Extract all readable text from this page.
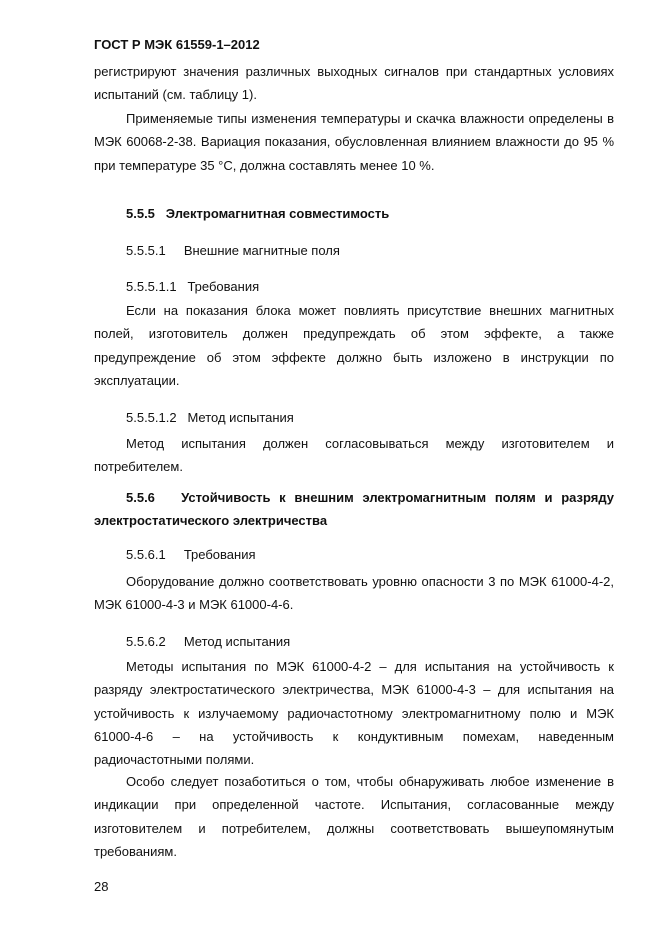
ГОСТ Р МЭК 61559-1–2012

регистрируют значения различных выходных сигналов при стандартных условиях испытаний (см. таблицу 1).

Применяемые типы изменения температуры и скачка влажности определены в МЭК 60068-2-38. Вариация показания, обусловленная влиянием влажности до 95 % при температуре 35 °С, должна составлять менее 10 %.

5.5.5 Электромагнитная совместимость
5.5.5.1 Внешние магнитные поля
5.5.5.1.1 Требования

Если на показания блока может повлиять присутствие внешних магнитных полей, изготовитель должен предупреждать об этом эффекте, а также предупреждение об этом эффекте должно быть изложено в инструкции по эксплуатации.

5.5.5.1.2 Метод испытания

Метод испытания должен согласовываться между изготовителем и потребителем.

5.5.6 Устойчивость к внешним электромагнитным полям и разряду электростатического электричества
5.5.6.1 Требования

Оборудование должно соответствовать уровню опасности 3 по МЭК 61000-4-2, МЭК 61000-4-3 и МЭК 61000-4-6.

5.5.6.2 Метод испытания

Методы испытания по МЭК 61000-4-2 – для испытания на устойчивость к разряду электростатического электричества, МЭК 61000-4-3 – для испытания на устойчивость к излучаемому радиочастотному электромагнитному полю и МЭК 61000-4-6 – на устойчивость к кондуктивным помехам, наведенным радиочастотными полями.

Особо следует позаботиться о том, чтобы обнаруживать любое изменение в индикации при определенной частоте. Испытания, согласованные между изготовителем и потребителем, должны соответствовать вышеупомянутым требованиям.

28
